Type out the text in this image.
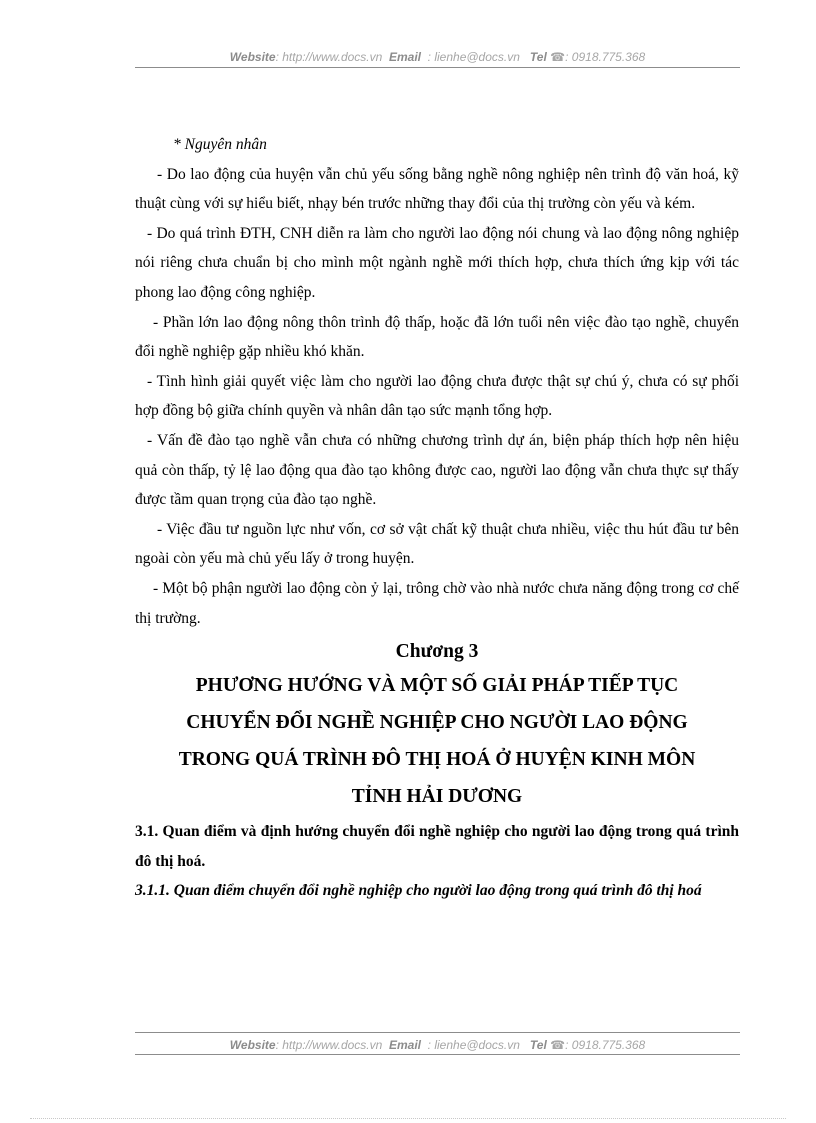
Website: http://www.docs.vn Email : lienhe@docs.vn Tel ☎: 0918.775.368

* Nguyên nhân

- Do lao động của huyện vẫn chủ yếu sống bằng nghề nông nghiệp nên trình độ văn hoá, kỹ thuật cùng với sự hiểu biết, nhạy bén trước những thay đổi của thị trường còn yếu và kém.

- Do quá trình ĐTH, CNH diễn ra làm cho người lao động nói chung và lao động nông nghiệp nói riêng chưa chuẩn bị cho mình một ngành nghề mới thích hợp, chưa thích ứng kịp với tác phong lao động công nghiệp.

- Phần lớn lao động nông thôn trình độ thấp, hoặc đã lớn tuổi nên việc đào tạo nghề, chuyển đổi nghề nghiệp gặp nhiều khó khăn.

- Tình hình giải quyết việc làm cho người lao động chưa được thật sự chú ý, chưa có sự phối hợp đồng bộ giữa chính quyền và nhân dân tạo sức mạnh tổng hợp.

- Vấn đề đào tạo nghề vẫn chưa có những chương trình dự án, biện pháp thích hợp nên hiệu quả còn thấp, tỷ lệ lao động qua đào tạo không được cao, người lao động vẫn chưa thực sự thấy được tầm quan trọng của đào tạo nghề.

- Việc đầu tư nguồn lực như vốn, cơ sở vật chất kỹ thuật chưa nhiều, việc thu hút đầu tư bên ngoài còn yếu mà chủ yếu lấy ở trong huyện.

- Một bộ phận người lao động còn ỷ lại, trông chờ vào nhà nước chưa năng động trong cơ chế thị trường.

Chương 3

PHƯƠNG HƯỚNG VÀ MỘT SỐ GIẢI PHÁP TIẾP TỤC

CHUYỂN ĐỔI NGHỀ NGHIỆP CHO NGƯỜI LAO ĐỘNG

TRONG QUÁ TRÌNH ĐÔ THỊ HOÁ Ở HUYỆN KINH MÔN

TỈNH HẢI DƯƠNG

3.1. Quan điểm và định hướng chuyển đổi nghề nghiệp cho người lao động trong quá trình đô thị hoá.

3.1.1. Quan điểm chuyển đổi nghề nghiệp cho người lao động trong quá trình đô thị hoá

Website: http://www.docs.vn Email : lienhe@docs.vn Tel ☎: 0918.775.368
